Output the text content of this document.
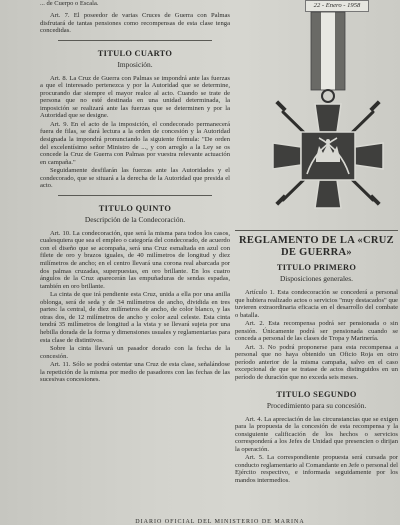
... de Cuerpo o Escala.

Art. 7. El poseedor de varias Cruces de Guerra con Palmas disfrutará de tantas pensiones como recompensas de esta clase tenga concedidas.

TITULO CUARTO
Imposición.

Art. 8. La Cruz de Guerra con Palmas se impondrá ante las fuerzas a que el interesado pertenezca y por la Autoridad que se determine, procurando dar siempre el mayor realce al acto. Cuando se trate de persona que no esté destinada en una unidad determinada, la imposición se realizará ante las fuerzas que se determinen y por la Autoridad que se designe.

Art. 9. En el acto de la imposición, el condecorado permanecerá fuera de filas, se dará lectura a la orden de concesión y la Autoridad designada la impondrá pronunciando la siguiente fórmula: "De orden del excelentísimo señor Ministro de ..., y con arreglo a la Ley se os concede la Cruz de Guerra con Palmas por vuestra relevante actuación en campaña."

Seguidamente desfilarán las fuerzas ante las Autoridades y el condecorado, que se situará a la derecha de la Autoridad que presida el acto.

TITULO QUINTO
Descripción de la Condecoración.

Art. 10. La condecoración, que será la misma para todos los casos, cualesquiera que sea el empleo o categoría del condecorado, de acuerdo con el diseño que se acompaña, será una Cruz esmaltada en azul con filete de oro y brazos iguales, de 40 milímetros de longitud y diez milímetros de ancho; en el centro llevará una corona real abarcada por dos palmas cruzadas, superpuestas, en oro brillante. En los cuatro ángulos de la Cruz aparecerán las empuñaduras de sendas espadas, también en oro brillante.

La cinta de que irá pendiente esta Cruz, unida a ella por una anilla oblonga, será de seda y de 34 milímetros de ancho, dividida en tres partes: la central, de diez milímetros de ancho, de color blanco, y las otras dos, de 12 milímetros de ancho y color azul celeste. Esta cinta tendrá 35 milímetros de longitud a la vista y se llevará sujeta por una hebilla dorada de la forma y dimensiones usuales y reglamentarias para esta clase de distintivos.

Sobre la cinta llevará un pasador dorado con la fecha de la concesión.

Art. 11. Sólo se podrá ostentar una Cruz de esta clase, señalándose la repetición de la misma por medio de pasadores con las fechas de las sucesivas concesiones.

22 - Enero - 1958
REGLAMENTO DE LA «CRUZ DE GUERRA»
TITULO PRIMERO
Disposiciones generales.

Artículo 1. Esta condecoración se concederá a personal que hubiera realizado actos o servicios "muy destacados" que tuvieren extraordinaria eficacia en el desarrollo del combate o batalla.

Art. 2. Esta recompensa podrá ser pensionada o sin pensión. Únicamente podrá ser pensionada cuando se conceda a personal de las clases de Tropa y Marinería.

Art. 3. No podrá proponerse para esta recompensa a personal que no haya obtenido un Oficio Roja en otro período anterior de la misma campaña, salvo en el caso excepcional de que se tratase de actos distinguidos en un período de duración que no exceda seis meses.

TITULO SEGUNDO
Procedimiento para su concesión.

Art. 4. La apreciación de las circunstancias que se exigen para la propuesta de la concesión de esta recompensa y la consiguiente calificación de los hechos o servicios corresponderá a los Jefes de Unidad que presencien o dirijan la operación.

Art. 5. La correspondiente propuesta será cursada por conducto reglamentario al Comandante en Jefe o personal del Ejército respectivo, e informada seguidamente por los mandos intermedios.

DIARIO OFICIAL DEL MINISTERIO DE MARINA
